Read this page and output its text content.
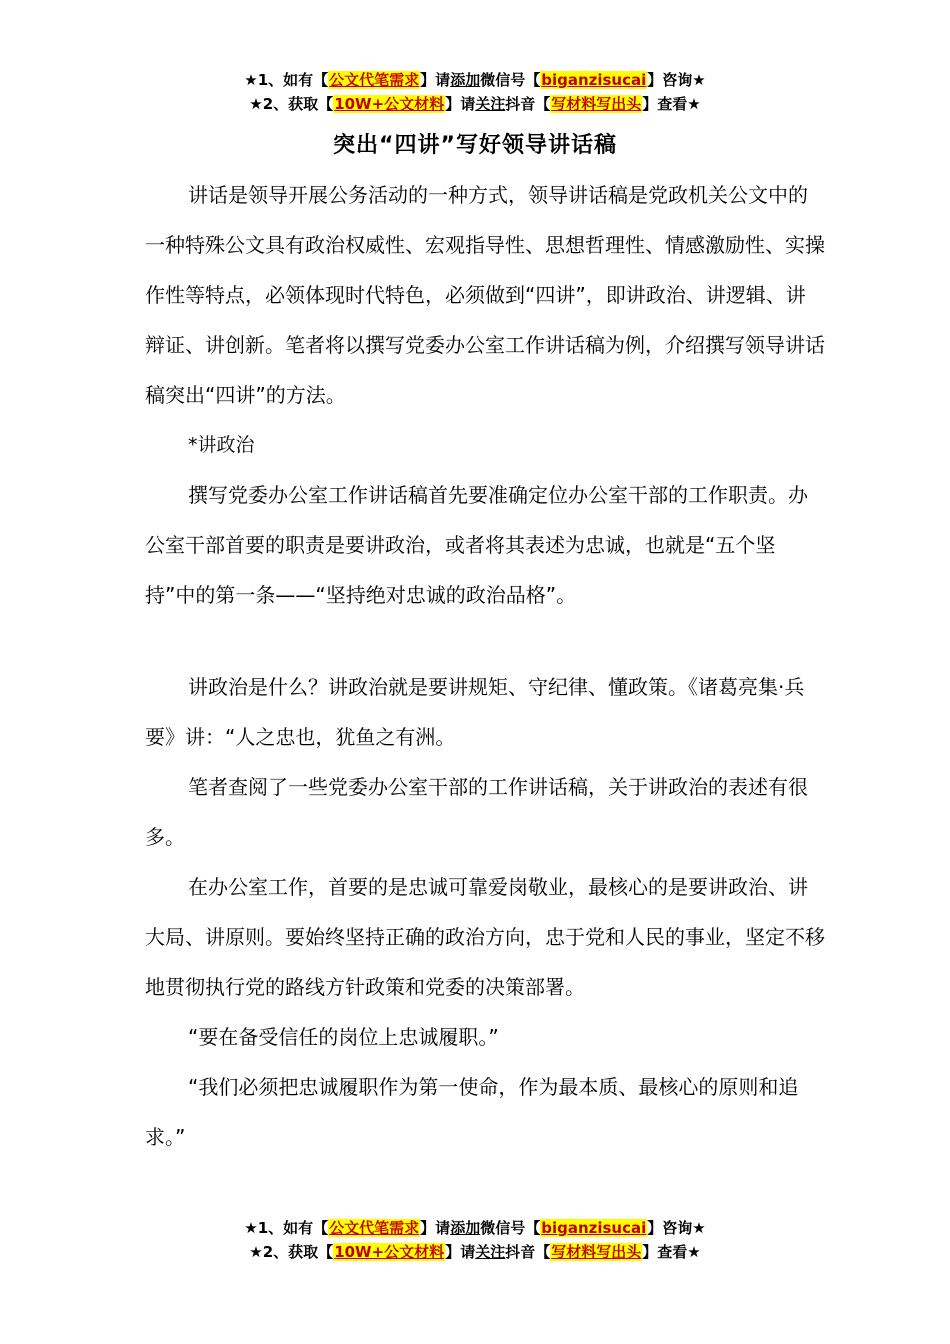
★1、如有【公文代笔需求】请添加微信号【biganzisucai】咨询★
★2、获取【10W+公文材料】请关注抖音【写材料写出头】查看★
突出“四讲”写好领导讲话稿

讲话是领导开展公务活动的一种方式，领导讲话稿是党政机关公文中的一种特殊公文具有政治权威性、宏观指导性、思想哲理性、情感激励性、实操作性等特点，必领体现时代特色，必须做到“四讲”，即讲政治、讲逻辑、讲辩证、讲创新。笔者将以撰写党委办公室工作讲话稿为例，介绍撰写领导讲话稿突出“四讲”的方法。

*讲政治

撰写党委办公室工作讲话稿首先要准确定位办公室干部的工作职责。办公室干部首要的职责是要讲政治，或者将其表述为忠诚，也就是“五个坚持”中的第一条——“坚持绝对忠诚的政治品格”。

讲政治是什么？讲政治就是要讲规矩、守纪律、懂政策。《诸葛亮集·兵要》讲：“人之忠也，犹鱼之有洲。

笔者查阅了一些党委办公室干部的工作讲话稿，关于讲政治的表述有很多。

在办公室工作，首要的是忠诚可靠爱岗敬业，最核心的是要讲政治、讲大局、讲原则。要始终坚持正确的政治方向，忠于党和人民的事业，坚定不移地贯彻执行党的路线方针政策和党委的决策部署。

“要在备受信任的岗位上忠诚履职。”

“我们必须把忠诚履职作为第一使命，作为最本质、最核心的原则和追求。”

★1、如有【公文代笔需求】请添加微信号【biganzisucai】咨询★
★2、获取【10W+公文材料】请关注抖音【写材料写出头】查看★
